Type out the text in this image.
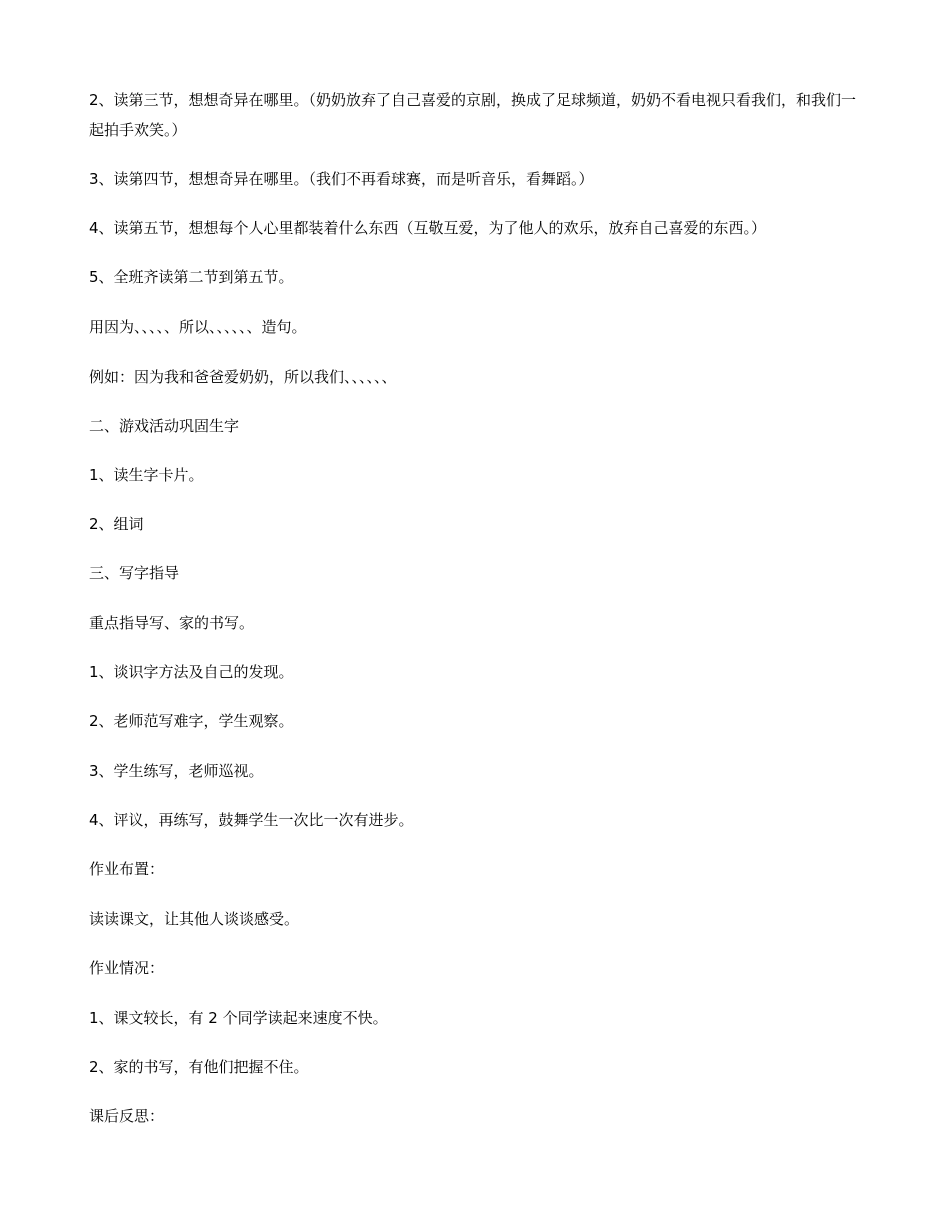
2、读第三节，想想奇异在哪里。（奶奶放弃了自己喜爱的京剧，换成了足球频道，奶奶不看电视只看我们，和我们一起拍手欢笑。）

3、读第四节，想想奇异在哪里。（我们不再看球赛，而是听音乐，看舞蹈。）

4、读第五节，想想每个人心里都装着什么东西（互敬互爱，为了他人的欢乐，放弃自己喜爱的东西。）

5、全班齐读第二节到第五节。

用因为、、、、、所以、、、、、、造句。

例如：因为我和爸爸爱奶奶，所以我们、、、、、、

二、游戏活动巩固生字

1、读生字卡片。

2、组词

三、写字指导

重点指导写、家的书写。

1、谈识字方法及自己的发现。

2、老师范写难字，学生观察。

3、学生练写，老师巡视。

4、评议，再练写，鼓舞学生一次比一次有进步。

作业布置：

读读课文，让其他人谈谈感受。

作业情况：

1、课文较长，有 2 个同学读起来速度不快。

2、家的书写，有他们把握不住。

课后反思：
